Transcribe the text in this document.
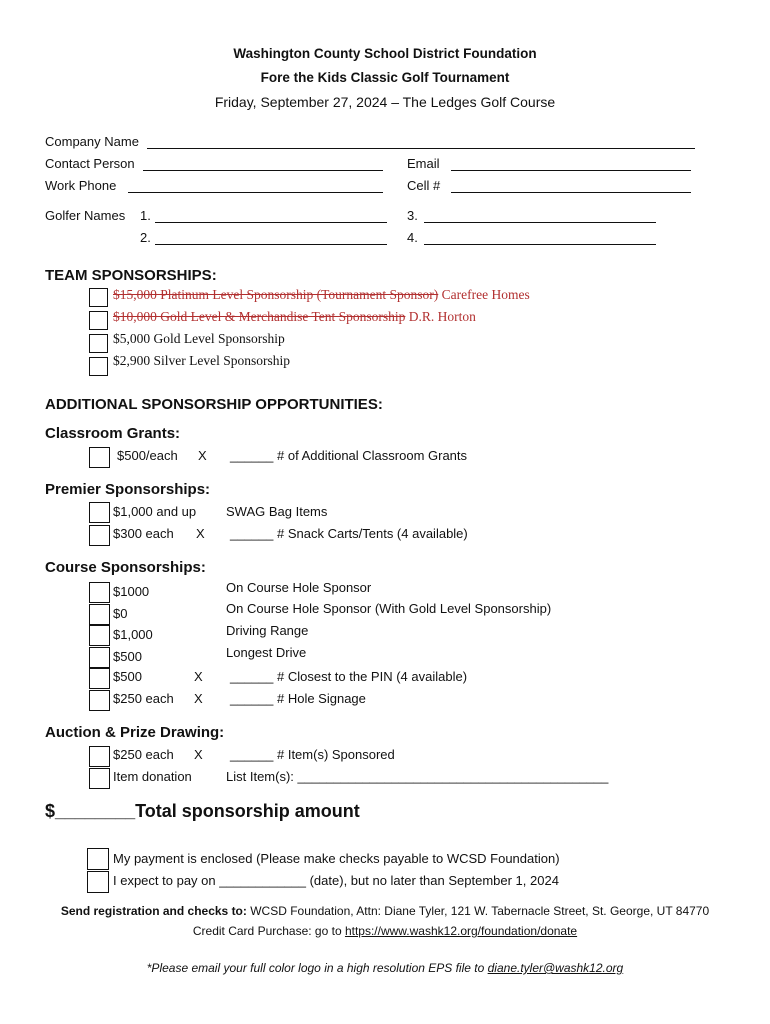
Washington County School District Foundation
Fore the Kids Classic Golf Tournament
Friday, September 27, 2024 – The Ledges Golf Course
Company Name
Contact Person	Email
Work Phone	Cell #
Golfer Names 1.	3.
2.	4.
TEAM SPONSORSHIPS:
$15,000 Platinum Level Sponsorship (Tournament Sponsor) Carefree Homes
$10,000 Gold Level & Merchandise Tent Sponsorship D.R. Horton
$5,000 Gold Level Sponsorship
$2,900 Silver Level Sponsorship
ADDITIONAL SPONSORSHIP OPPORTUNITIES:
Classroom Grants:
$500/each X ______ # of Additional Classroom Grants
Premier Sponsorships:
$1,000 and up SWAG Bag Items
$300 each X ______ # Snack Carts/Tents (4 available)
Course Sponsorships:
$1000	On Course Hole Sponsor
$0	On Course Hole Sponsor (With Gold Level Sponsorship)
$1,000	Driving Range
$500	Longest Drive
$500	X ______ # Closest to the PIN (4 available)
$250 each X ______ # Hole Signage
Auction & Prize Drawing:
$250 each X ______ # Item(s) Sponsored
Item donation	List Item(s): ___________________________________________
$________Total sponsorship amount
My payment is enclosed (Please make checks payable to WCSD Foundation)
I expect to pay on ____________ (date), but no later than September 1, 2024
Send registration and checks to: WCSD Foundation, Attn: Diane Tyler, 121 W. Tabernacle Street, St. George, UT 84770
Credit Card Purchase: go to https://www.washk12.org/foundation/donate
*Please email your full color logo in a high resolution EPS file to diane.tyler@washk12.org
